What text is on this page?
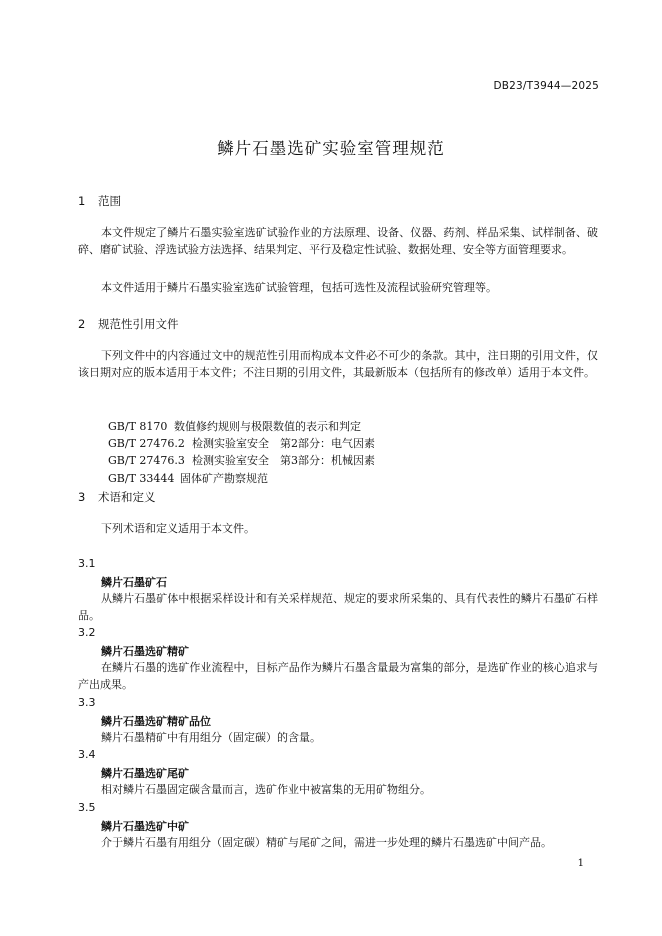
DB23/T3944—2025
鳞片石墨选矿实验室管理规范
1 范围
本文件规定了鳞片石墨实验室选矿试验作业的方法原理、设备、仪器、药剂、样品采集、试样制备、破碎、磨矿试验、浮选试验方法选择、结果判定、平行及稳定性试验、数据处理、安全等方面管理要求。
本文件适用于鳞片石墨实验室选矿试验管理，包括可选性及流程试验研究管理等。
2 规范性引用文件
下列文件中的内容通过文中的规范性引用而构成本文件必不可少的条款。其中，注日期的引用文件，仅该日期对应的版本适用于本文件；不注日期的引用文件，其最新版本（包括所有的修改单）适用于本文件。

GB/T 8170 数值修约规则与极限数值的表示和判定

GB/T 27476.2 检测实验室安全　第2部分：电气因素

GB/T 27476.3 检测实验室安全　第3部分：机械因素

GB/T 33444 固体矿产勘察规范

3 术语和定义
下列术语和定义适用于本文件。
3.1
鳞片石墨矿石
从鳞片石墨矿体中根据采样设计和有关采样规范、规定的要求所采集的、具有代表性的鳞片石墨矿石样品。
3.2
鳞片石墨选矿精矿
在鳞片石墨的选矿作业流程中，目标产品作为鳞片石墨含量最为富集的部分，是选矿作业的核心追求与产出成果。
3.3
鳞片石墨选矿精矿品位
鳞片石墨精矿中有用组分（固定碳）的含量。
3.4
鳞片石墨选矿尾矿
相对鳞片石墨固定碳含量而言，选矿作业中被富集的无用矿物组分。
3.5
鳞片石墨选矿中矿
介于鳞片石墨有用组分（固定碳）精矿与尾矿之间，需进一步处理的鳞片石墨选矿中间产品。
1
